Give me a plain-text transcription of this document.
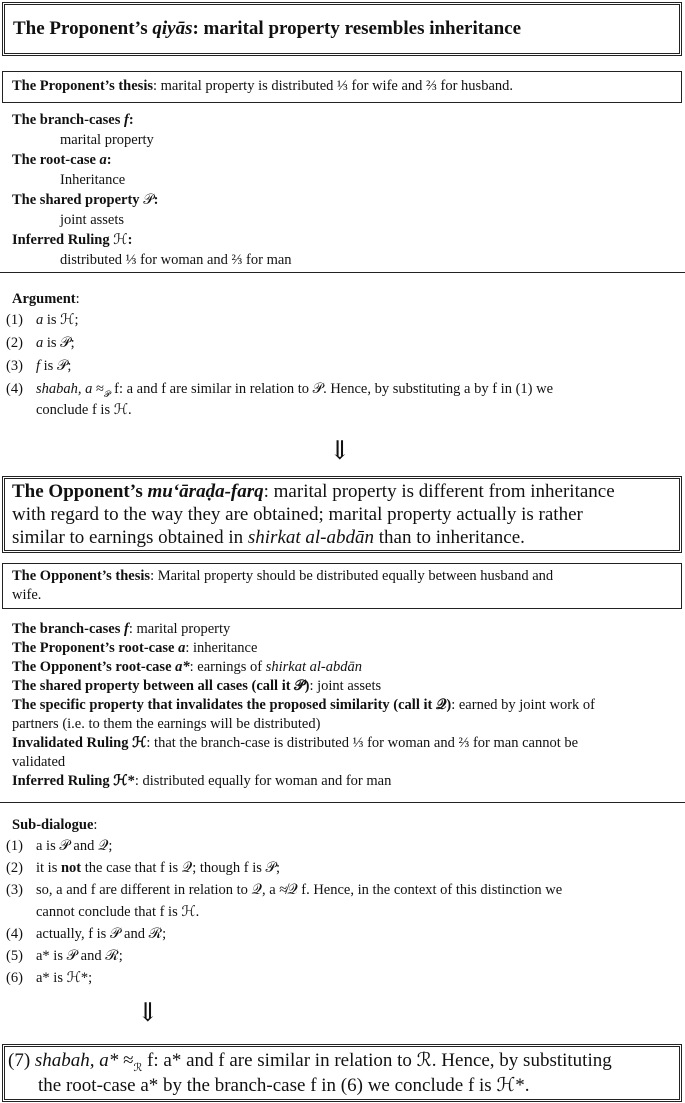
The Proponent’s qiyās: marital property resembles inheritance
The Proponent’s thesis: marital property is distributed ⅓ for wife and ⅔ for husband.
The branch-cases f:
marital property
The root-case a:
Inheritance
The shared property 𝒫:
joint assets
Inferred Ruling ℋ:
distributed ⅓ for woman and ⅔ for man
Argument:
(1) a is ℋ;
(2) a is 𝒫;
(3) f is 𝒫;
(4) shabah, $a \approx_𝒫$ f: a and f are similar in relation to 𝒫. Hence, by substituting a by f in (1) we
conclude f is ℋ.
⇓
The Opponent’s mu‘āraḍa-farq: marital property is different from inheritance
with regard to the way they are obtained; marital property actually is rather
similar to earnings obtained in shirkat al-abdān than to inheritance.
The Opponent’s thesis: Marital property should be distributed equally between husband and
wife.
The branch-cases f: marital property
The Proponent’s root-case a: inheritance
The Opponent’s root-case a*: earnings of shirkat al-abdān
The shared property between all cases (call it 𝒫): joint assets
The specific property that invalidates the proposed similarity (call it 𝒬): earned by joint work of
partners (i.e. to them the earnings will be distributed)
Invalidated Ruling ℋ: that the branch-case is distributed ⅓ for woman and ⅔ for man cannot be
validated
Inferred Ruling ℋ*: distributed equally for woman and for man
Sub-dialogue:
(1) a is 𝒫 and 𝒬;
(2) it is not the case that f is 𝒬; though f is 𝒫;
(3) so, a and f are different in relation to 𝒬, a ≉𝒬 f. Hence, in the context of this distinction we
cannot conclude that f is ℋ.
(4) actually, f is 𝒫 and ℛ;
(5) a* is 𝒫 and ℛ;
(6) a* is ℋ*;
⇓
(7) shabah, $a* \approx_ℛ$ f: a* and f are similar in relation to ℛ. Hence, by substituting
the root-case a* by the branch-case f in (6) we conclude f is ℋ*.
